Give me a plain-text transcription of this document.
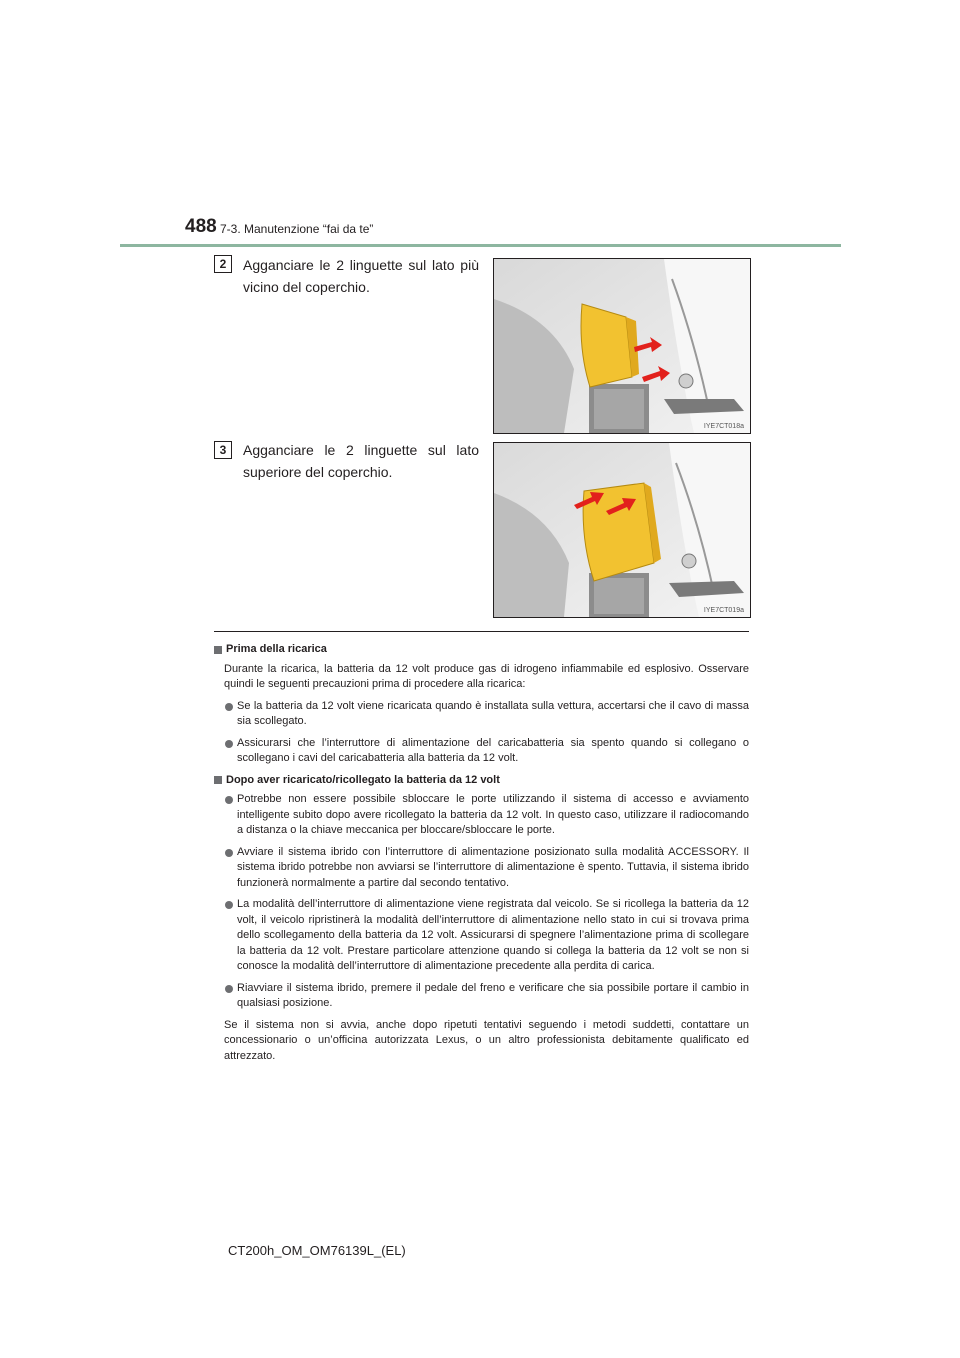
488 7-3. Manutenzione “fai da te”
2	Agganciare le 2 linguette sul lato più vicino del coperchio.
IYE7CT018a
3	Agganciare le 2 linguette sul lato superiore del coperchio.
IYE7CT019a
Prima della ricarica
Durante la ricarica, la batteria da 12 volt produce gas di idrogeno infiammabile ed esplosivo. Osservare quindi le seguenti precauzioni prima di procedere alla ricarica:
Se la batteria da 12 volt viene ricaricata quando è installata sulla vettura, accertarsi che il cavo di massa sia scollegato.
Assicurarsi che l’interruttore di alimentazione del caricabatteria sia spento quando si collegano o scollegano i cavi del caricabatteria alla batteria da 12 volt.
Dopo aver ricaricato/ricollegato la batteria da 12 volt
Potrebbe non essere possibile sbloccare le porte utilizzando il sistema di accesso e avviamento intelligente subito dopo avere ricollegato la batteria da 12 volt. In questo caso, utilizzare il radiocomando a distanza o la chiave meccanica per bloccare/sbloccare le porte.
Avviare il sistema ibrido con l’interruttore di alimentazione posizionato sulla modalità ACCESSORY. Il sistema ibrido potrebbe non avviarsi se l’interruttore di alimentazione è spento. Tuttavia, il sistema ibrido funzionerà normalmente a partire dal secondo tentativo.
La modalità dell’interruttore di alimentazione viene registrata dal veicolo. Se si ricollega la batteria da 12 volt, il veicolo ripristinerà la modalità dell’interruttore di alimentazione nello stato in cui si trovava prima dello scollegamento della batteria da 12 volt. Assicurarsi di spegnere l’alimentazione prima di scollegare la batteria da 12 volt. Prestare particolare attenzione quando si collega la batteria da 12 volt se non si conosce la modalità dell’interruttore di alimentazione precedente alla perdita di carica.
Riavviare il sistema ibrido, premere il pedale del freno e verificare che sia possibile portare il cambio in qualsiasi posizione.
Se il sistema non si avvia, anche dopo ripetuti tentativi seguendo i metodi suddetti, contattare un concessionario o un’officina autorizzata Lexus, o un altro professionista debitamente qualificato ed attrezzato.
CT200h_OM_OM76139L_(EL)
